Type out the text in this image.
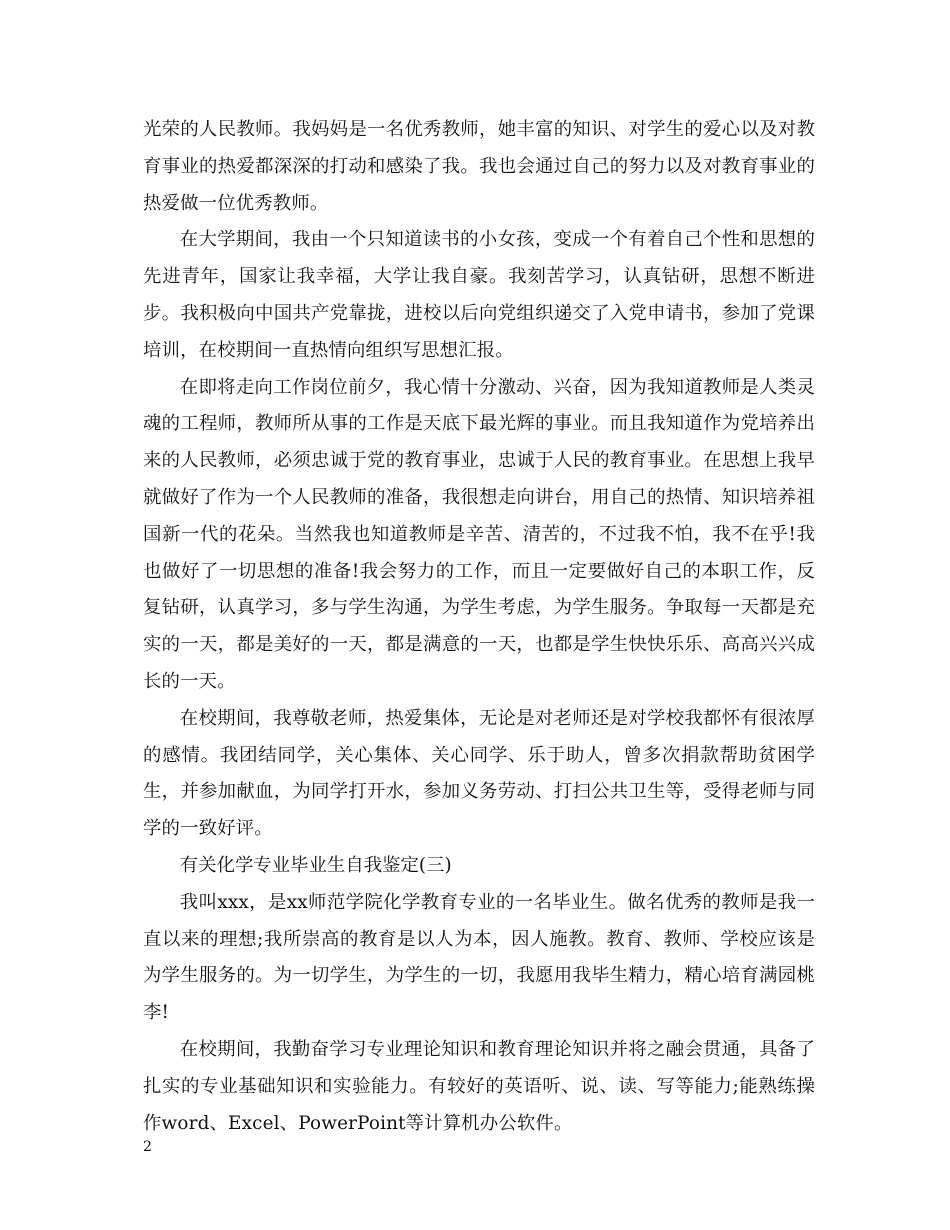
光荣的人民教师。我妈妈是一名优秀教师，她丰富的知识、对学生的爱心以及对教育事业的热爱都深深的打动和感染了我。我也会通过自己的努力以及对教育事业的热爱做一位优秀教师。

在大学期间，我由一个只知道读书的小女孩，变成一个有着自己个性和思想的先进青年，国家让我幸福，大学让我自豪。我刻苦学习，认真钻研，思想不断进步。我积极向中国共产党靠拢，进校以后向党组织递交了入党申请书，参加了党课培训，在校期间一直热情向组织写思想汇报。

在即将走向工作岗位前夕，我心情十分激动、兴奋，因为我知道教师是人类灵魂的工程师，教师所从事的工作是天底下最光辉的事业。而且我知道作为党培养出来的人民教师，必须忠诚于党的教育事业，忠诚于人民的教育事业。在思想上我早就做好了作为一个人民教师的准备，我很想走向讲台，用自己的热情、知识培养祖国新一代的花朵。当然我也知道教师是辛苦、清苦的，不过我不怕，我不在乎!我也做好了一切思想的准备!我会努力的工作，而且一定要做好自己的本职工作，反复钻研，认真学习，多与学生沟通，为学生考虑，为学生服务。争取每一天都是充实的一天，都是美好的一天，都是满意的一天，也都是学生快快乐乐、高高兴兴成长的一天。

在校期间，我尊敬老师，热爱集体，无论是对老师还是对学校我都怀有很浓厚的感情。我团结同学，关心集体、关心同学、乐于助人，曾多次捐款帮助贫困学生，并参加献血，为同学打开水，参加义务劳动、打扫公共卫生等，受得老师与同学的一致好评。

有关化学专业毕业生自我鉴定(三)

我叫xxx，是xx师范学院化学教育专业的一名毕业生。做名优秀的教师是我一直以来的理想;我所崇高的教育是以人为本，因人施教。教育、教师、学校应该是为学生服务的。为一切学生，为学生的一切，我愿用我毕生精力，精心培育满园桃李!

在校期间，我勤奋学习专业理论知识和教育理论知识并将之融会贯通，具备了扎实的专业基础知识和实验能力。有较好的英语听、说、读、写等能力;能熟练操作word、Excel、PowerPoint等计算机办公软件。

2
